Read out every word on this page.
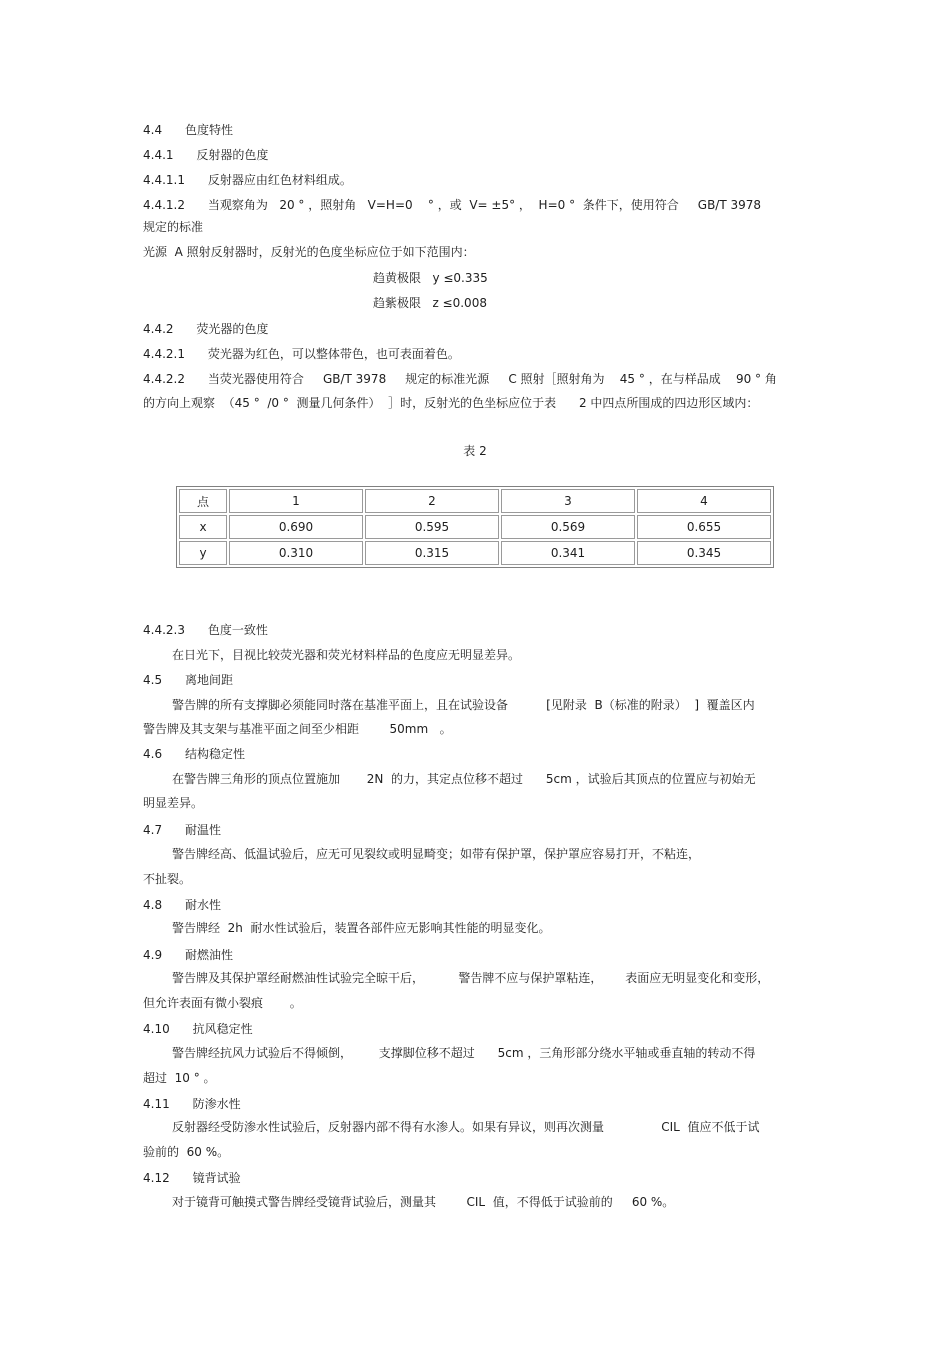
4.4      色度特性
4.4.1      反射器的色度
4.4.1.1      反射器应由红色材料组成。
4.4.1.2      当观察角为   20 ° ，照射角   V=H=0    ° ，或  V= ±5° ，  H=0 °  条件下，使用符合     GB/T 3978
规定的标准
光源  A 照射反射器时，反射光的色度坐标应位于如下范围内：
趋黄极限   y ≤0.335
趋紫极限   z ≤0.008
4.4.2      荧光器的色度
4.4.2.1      荧光器为红色，可以整体带色，也可表面着色。
4.4.2.2      当荧光器使用符合     GB/T 3978     规定的标准光源     C 照射［照射角为    45 ° ，在与样品成    90 ° 角
的方向上观察  （45 °  /0 °  测量几何条件）  ］时，反射光的色坐标应位于表      2 中四点所围成的四边形区域内：
4.4.2.3      色度一致性
在日光下，目视比较荧光器和荧光材料样品的色度应无明显差异。
4.5      离地间距
警告牌的所有支撑脚必须能同时落在基准平面上，且在试验设备          [见附录  B（标准的附录）  ]  覆盖区内
警告牌及其支架与基准平面之间至少相距        50mm   。
4.6      结构稳定性
在警告牌三角形的顶点位置施加       2N  的力，其定点位移不超过      5cm ，试验后其顶点的位置应与初始无
明显差异。
4.7      耐温性
警告牌经高、低温试验后，应无可见裂纹或明显畸变；如带有保护罩，保护罩应容易打开，不粘连，
不扯裂。
4.8      耐水性
警告牌经  2h  耐水性试验后，装置各部件应无影响其性能的明显变化。
4.9      耐燃油性
警告牌及其保护罩经耐燃油性试验完全晾干后，         警告牌不应与保护罩粘连，      表面应无明显变化和变形，
但允许表面有微小裂痕       。
4.10      抗风稳定性
警告牌经抗风力试验后不得倾倒，       支撑脚位移不超过      5cm ，三角形部分绕水平轴或垂直轴的转动不得
超过  10 ° 。
4.11      防渗水性
反射器经受防渗水性试验后，反射器内部不得有水渗人。如果有异议，则再次测量               CIL  值应不低于试
验前的  60 %。
4.12      镜背试验
对于镜背可触摸式警告牌经受镜背试验后，测量其        CIL  值，不得低于试验前的     60 %。
表 2
点	1	2	3	4
x	0.690	0.595	0.569	0.655
y	0.310	0.315	0.341	0.345
